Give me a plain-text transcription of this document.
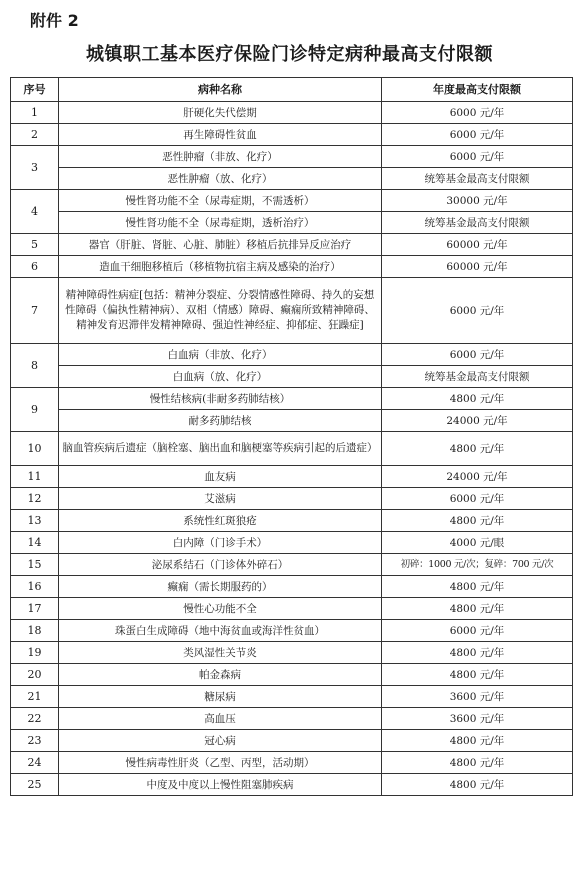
附件 2
城镇职工基本医疗保险门诊特定病种最高支付限额
序号	病种名称	年度最高支付限额
1	肝硬化失代偿期	6000 元/年
2	再生障碍性贫血	6000 元/年
3	恶性肿瘤（非放、化疗）	6000 元/年
	恶性肿瘤（放、化疗）	统筹基金最高支付限额
4	慢性肾功能不全（尿毒症期，不需透析）	30000 元/年
	慢性肾功能不全（尿毒症期，透析治疗）	统筹基金最高支付限额
5	器官（肝脏、肾脏、心脏、肺脏）移植后抗排异反应治疗	60000 元/年
6	造血干细胞移植后（移植物抗宿主病及感染的治疗）	60000 元/年
7	精神障碍性病症[包括：精神分裂症、分裂情感性障碍、持久的妄想性障碍（偏执性精神病）、双相（情感）障碍、癫痫所致精神障碍、精神发育迟滞伴发精神障碍、强迫性神经症、抑郁症、狂躁症]	6000 元/年
8	白血病（非放、化疗）	6000 元/年
	白血病（放、化疗）	统筹基金最高支付限额
9	慢性结核病(非耐多药肺结核）	4800 元/年
	耐多药肺结核	24000 元/年
10	脑血管疾病后遗症（脑栓塞、脑出血和脑梗塞等疾病引起的后遗症）	4800 元/年
11	血友病	24000 元/年
12	艾滋病	6000 元/年
13	系统性红斑狼疮	4800 元/年
14	白内障（门诊手术）	4000 元/眼
15	泌尿系结石（门诊体外碎石）	初碎：1000 元/次；复碎：700 元/次
16	癫痫（需长期服药的）	4800 元/年
17	慢性心功能不全	4800 元/年
18	珠蛋白生成障碍（地中海贫血或海洋性贫血）	6000 元/年
19	类风湿性关节炎	4800 元/年
20	帕金森病	4800 元/年
21	糖尿病	3600 元/年
22	高血压	3600 元/年
23	冠心病	4800 元/年
24	慢性病毒性肝炎（乙型、丙型，活动期）	4800 元/年
25	中度及中度以上慢性阻塞肺疾病	4800 元/年
